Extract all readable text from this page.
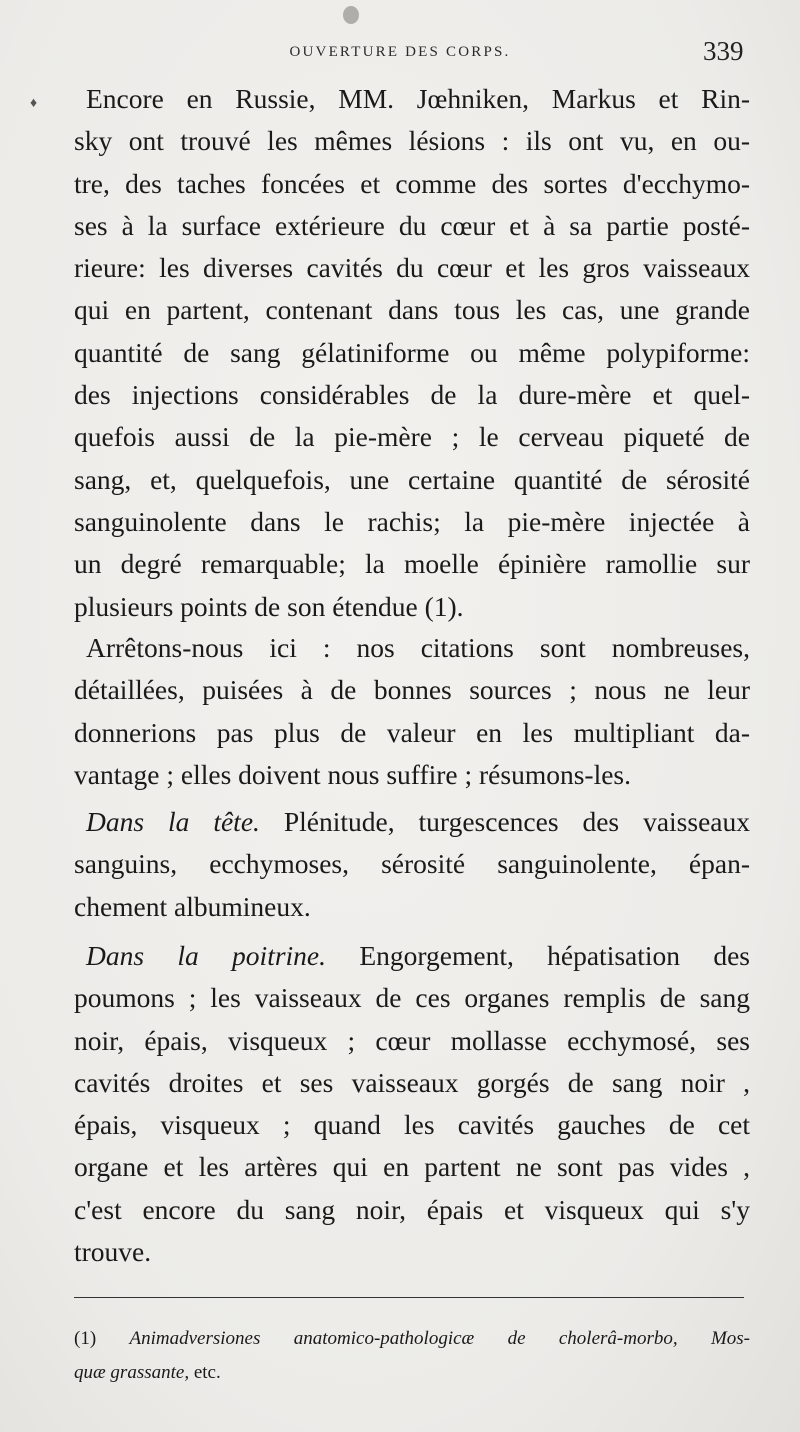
OUVERTURE DES CORPS.	339
♦	Encore en Russie, MM. Jœhniken, Markus et Rin-
sky ont trouvé les mêmes lésions : ils ont vu, en ou-
tre, des taches foncées et comme des sortes d'ecchymo-
ses à la surface extérieure du cœur et à sa partie posté-
rieure: les diverses cavités du cœur et les gros vaisseaux
qui en partent, contenant dans tous les cas, une grande
quantité de sang gélatiniforme ou même polypiforme:
des injections considérables de la dure-mère et quel-
quefois aussi de la pie-mère ; le cerveau piqueté de
sang, et, quelquefois, une certaine quantité de sérosité
sanguinolente dans le rachis; la pie-mère injectée à
un degré remarquable; la moelle épinière ramollie sur
plusieurs points de son étendue (1).
Arrêtons-nous ici : nos citations sont nombreuses,
détaillées, puisées à de bonnes sources ; nous ne leur
donnerions pas plus de valeur en les multipliant da-
vantage ; elles doivent nous suffire ; résumons-les.
Dans la tête. Plénitude, turgescences des vaisseaux
sanguins, ecchymoses, sérosité sanguinolente, épan-
chement albumineux.
Dans la poitrine. Engorgement, hépatisation des
poumons ; les vaisseaux de ces organes remplis de sang
noir, épais, visqueux ; cœur mollasse ecchymosé, ses
cavités droites et ses vaisseaux gorgés de sang noir ,
épais, visqueux ; quand les cavités gauches de cet
organe et les artères qui en partent ne sont pas vides ,
c'est encore du sang noir, épais et visqueux qui s'y
trouve.
(1) Animadversiones anatomico-pathologicæ de cholerâ-morbo, Mos-
quæ grassante, etc.
